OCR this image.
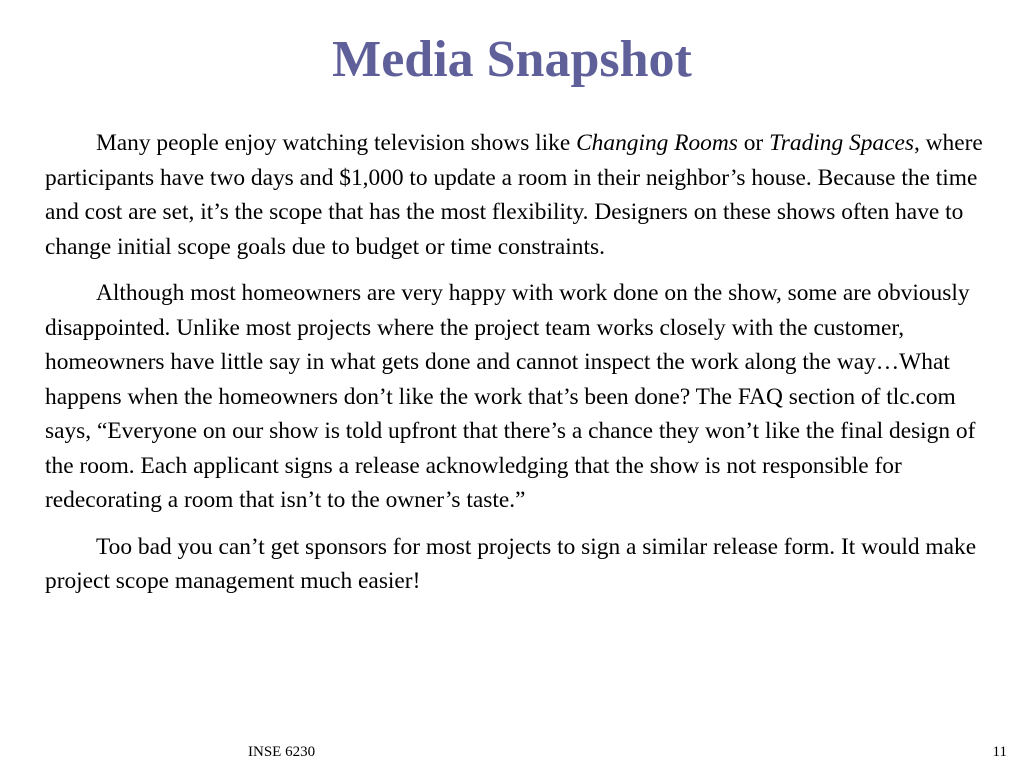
Media Snapshot

Many people enjoy watching television shows like Changing Rooms or Trading Spaces, where participants have two days and $1,000 to update a room in their neighbor’s house. Because the time and cost are set, it’s the scope that has the most flexibility. Designers on these shows often have to change initial scope goals due to budget or time constraints.

Although most homeowners are very happy with work done on the show, some are obviously disappointed. Unlike most projects where the project team works closely with the customer, homeowners have little say in what gets done and cannot inspect the work along the way…What happens when the homeowners don’t like the work that’s been done? The FAQ section of tlc.com says, “Everyone on our show is told upfront that there’s a chance they won’t like the final design of the room. Each applicant signs a release acknowledging that the show is not responsible for redecorating a room that isn’t to the owner’s taste.”

Too bad you can’t get sponsors for most projects to sign a similar release form. It would make project scope management much easier!

INSE 6230	11
